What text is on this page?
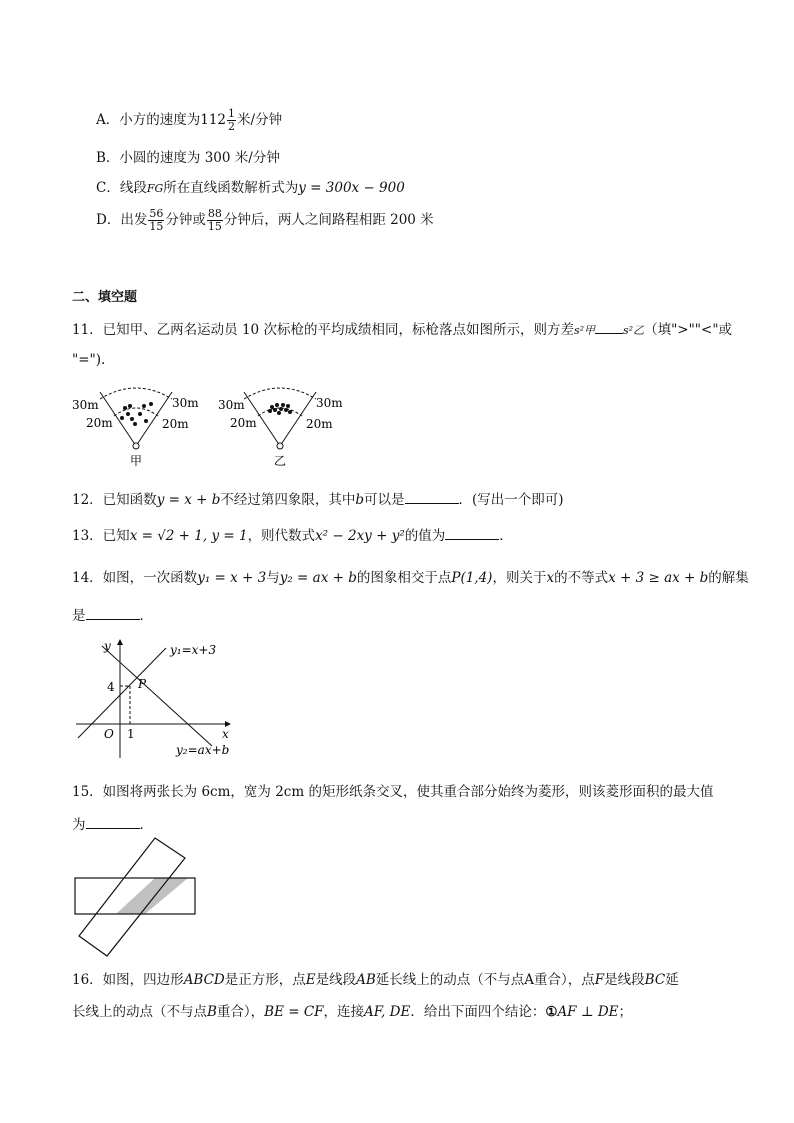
A．小方的速度为$112 \frac{1}{2}$ 米/分钟
B．小圆的速度为 300 米/分钟
C．线段FG所在直线函数解析式为y = 300x − 900
D．出发 $\frac{56}{15}$ 分钟或 $\frac{88}{15}$ 分钟后，两人之间路程相距 200 米
二、填空题
11．已知甲、乙两名运动员 10 次标枪的平均成绩相同，标枪落点如图所示，则方差s²甲	s²乙（填">""<"或
"=").
30m	30m
20m	20m
甲
30m	30m
20m	20m
乙
12．已知函数y = x + b不经过第四象限，其中b可以是	．(写出一个即可)
13．已知x = √2 + 1, y = 1，则代数式x² − 2xy + y²的值为	．
14．如图，一次函数y₁ = x + 3与y₂ = ax + b的图象相交于点P(1,4)，则关于x的不等式x + 3 ≥ ax + b的解集
是	．
y
x
O 1
4 P
y₁=x+3
y₂=ax+b
15．如图将两张长为 6cm，宽为 2cm 的矩形纸条交叉，使其重合部分始终为菱形，则该菱形面积的最大值
为	．
16．如图，四边形ABCD是正方形，点E是线段AB延长线上的动点（不与点A重合），点F是线段BC延
长线上的动点（不与点B重合），BE = CF，连接AF, DE．给出下面四个结论：①AF ⊥ DE；
